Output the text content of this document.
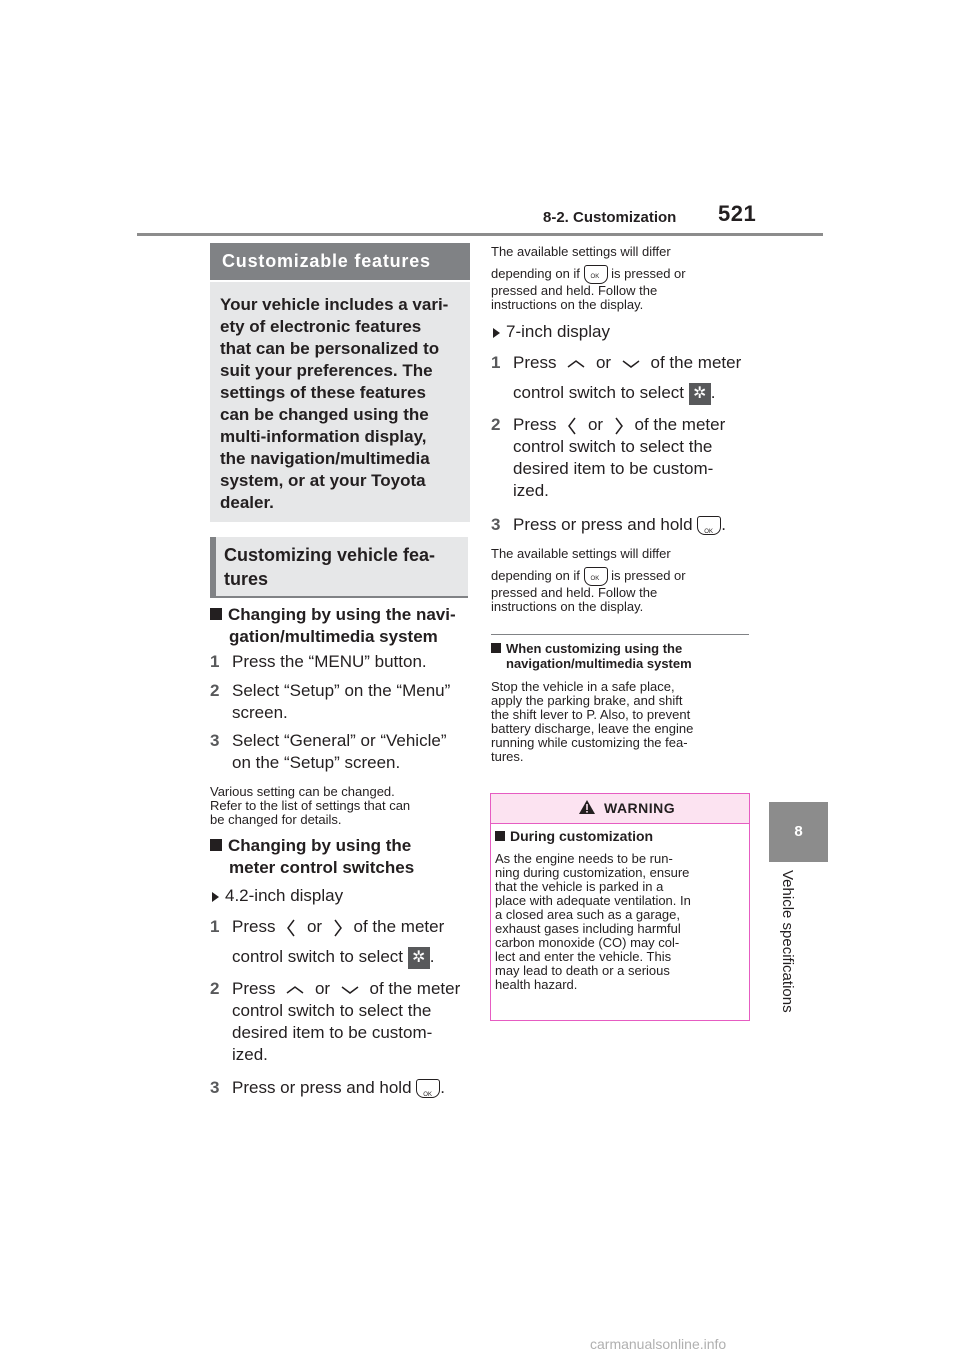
8-2. Customization 521
8
Vehicle specifications
Customizable features
Your vehicle includes a vari-
ety of electronic features
that can be personalized to
suit your preferences. The
settings of these features
can be changed using the
multi-information display,
the navigation/multimedia
system, or at your Toyota
dealer.
Customizing vehicle fea-
tures
Changing by using the navi-
gation/multimedia system
1 Press the “MENU” button.
2 Select “Setup” on the “Menu”
screen.
3 Select “General” or “Vehicle”
on the “Setup” screen.
Various setting can be changed.
Refer to the list of settings that can
be changed for details.
Changing by using the
meter control switches
4.2-inch display
1 Press or of the meter
control switch to select ✲ .
2 Press or of the meter
control switch to select the
desired item to be custom-
ized.
3 Press or press and hold OK .
The available settings will differ
depending on if OK is pressed or
pressed and held. Follow the
instructions on the display.
7-inch display
1 Press or of the meter
control switch to select ✲ .
2 Press or of the meter
control switch to select the
desired item to be custom-
ized.
3 Press or press and hold OK .
The available settings will differ
depending on if OK is pressed or
pressed and held. Follow the
instructions on the display.
When customizing using the
navigation/multimedia system
Stop the vehicle in a safe place,
apply the parking brake, and shift
the shift lever to P. Also, to prevent
battery discharge, leave the engine
running while customizing the fea-
tures.
WARNING
During customization
As the engine needs to be run-
ning during customization, ensure
that the vehicle is parked in a
place with adequate ventilation. In
a closed area such as a garage,
exhaust gases including harmful
carbon monoxide (CO) may col-
lect and enter the vehicle. This
may lead to death or a serious
health hazard.
carmanualsonline.info
